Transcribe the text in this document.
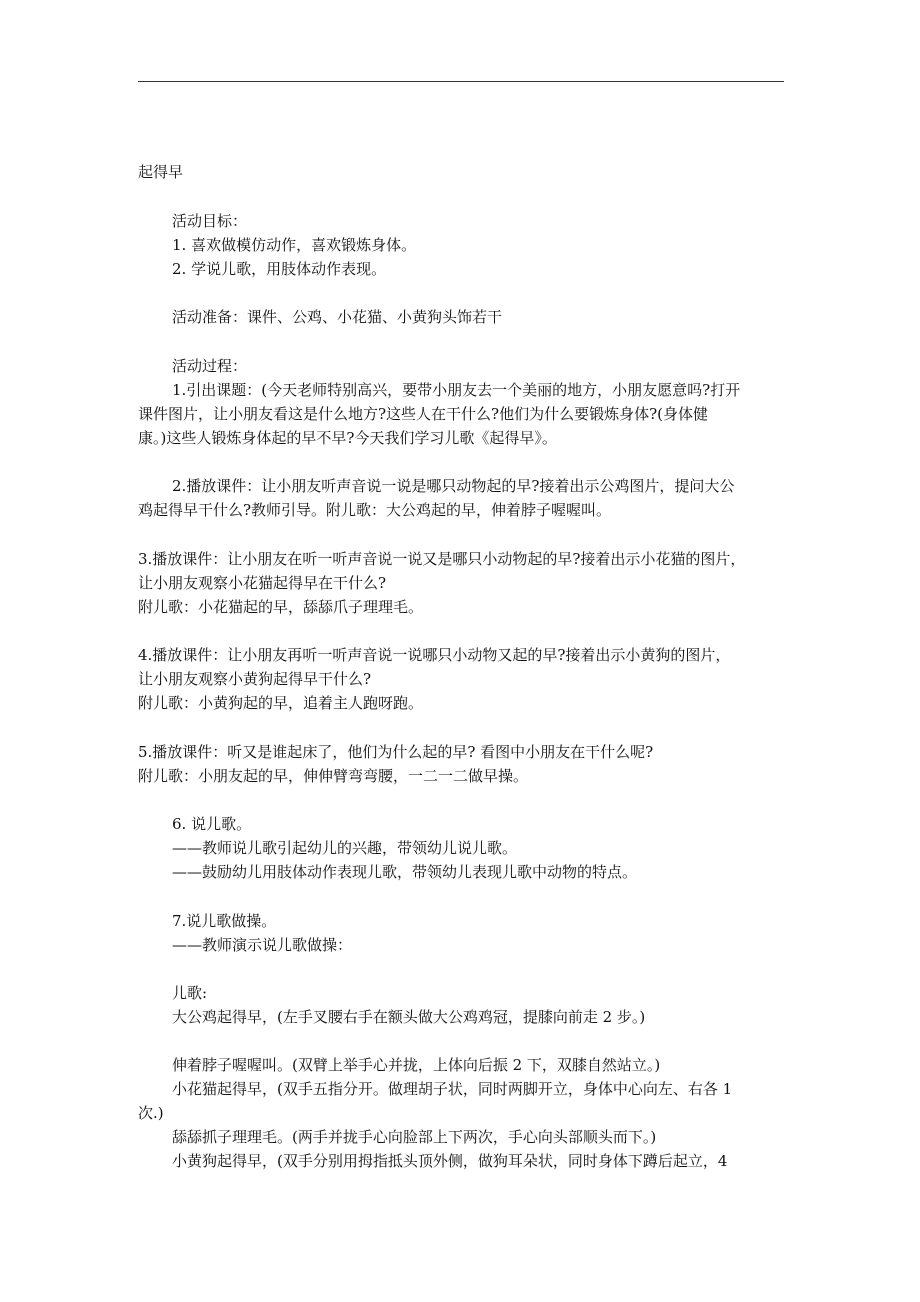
起得早
活动目标：
1. 喜欢做模仿动作，喜欢锻炼身体。
2. 学说儿歌，用肢体动作表现。
活动准备：课件、公鸡、小花猫、小黄狗头饰若干
活动过程：
1.引出课题：(今天老师特别高兴，要带小朋友去一个美丽的地方，小朋友愿意吗?打开
课件图片，让小朋友看这是什么地方?这些人在干什么?他们为什么要锻炼身体?(身体健
康。)这些人锻炼身体起的早不早?今天我们学习儿歌《起得早》。
2.播放课件：让小朋友听声音说一说是哪只动物起的早?接着出示公鸡图片，提问大公
鸡起得早干什么?教师引导。附儿歌：大公鸡起的早，伸着脖子喔喔叫。
3.播放课件：让小朋友在听一听声音说一说又是哪只小动物起的早?接着出示小花猫的图片，
让小朋友观察小花猫起得早在干什么?
附儿歌：小花猫起的早，舔舔爪子理理毛。
4.播放课件：让小朋友再听一听声音说一说哪只小动物又起的早?接着出示小黄狗的图片，
让小朋友观察小黄狗起得早干什么?
附儿歌：小黄狗起的早，追着主人跑呀跑。
5.播放课件：听又是谁起床了，他们为什么起的早? 看图中小朋友在干什么呢?
附儿歌：小朋友起的早，伸伸臂弯弯腰，一二一二做早操。
6. 说儿歌。
——教师说儿歌引起幼儿的兴趣，带领幼儿说儿歌。
——鼓励幼儿用肢体动作表现儿歌，带领幼儿表现儿歌中动物的特点。
7.说儿歌做操。
——教师演示说儿歌做操：
儿歌:
大公鸡起得早，(左手叉腰右手在额头做大公鸡鸡冠，提膝向前走 2 步。)
伸着脖子喔喔叫。(双臂上举手心并拢，上体向后振 2 下，双膝自然站立。)
小花猫起得早，(双手五指分开。做理胡子状，同时两脚开立，身体中心向左、右各 1
次.)
舔舔抓子理理毛。(两手并拢手心向脸部上下两次，手心向头部顺头而下。)
小黄狗起得早，(双手分别用拇指抵头顶外侧，做狗耳朵状，同时身体下蹲后起立，4
